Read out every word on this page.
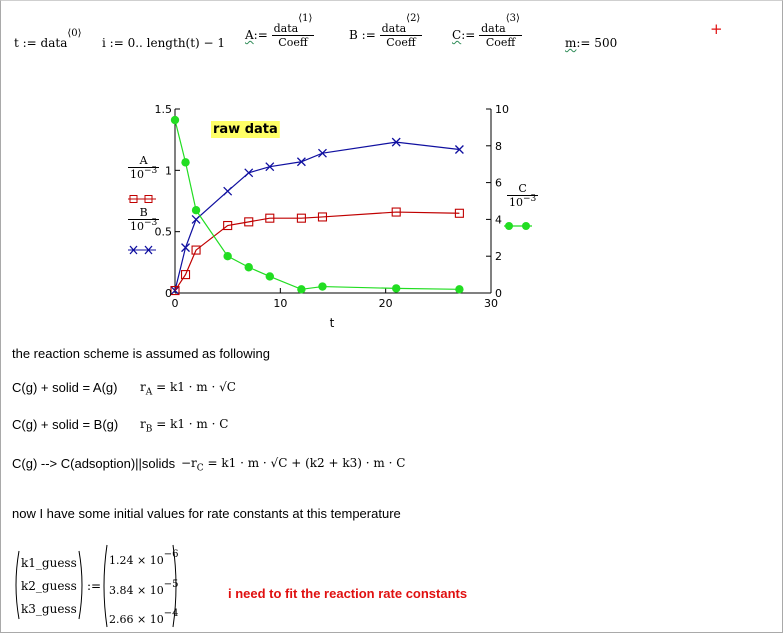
t := data$^{⟨0⟩}$
i := 0.. length(t) − 1
A:= $\frac{\text{data⟨1⟩}}{\text{Coeff}}$	B := $\frac{\text{data⟨2⟩}}{\text{Coeff}}$ C:= $\frac{\text{data⟨3⟩}}{\text{Coeff}}$	m:= 500
+
0
0.5
1
1.5
0
2
4
6
8
10
0	10	20	30
t
raw data
$\frac{A}{10^{-3}}$
$\frac{B}{10^{-3}}$
$\frac{C}{10^{-3}}$
the reaction scheme is assumed as following
C(g) + solid = A(g) $r_A = k1 \cdot m \cdot √C$
C(g) + solid = B(g) $r_B = k1 \cdot m \cdot C$
C(g) --> C(adsoption)||solids $-r_C = k1 \cdot m \cdot √C + (k2 + k3) \cdot m \cdot C$
now I have some initial values for rate constants at this temperature
k1_guess
k2_guess
k3_guess
:=
1.24 × 10−6
3.84 × 10−5
2.66 × 10−4
i need to fit the reaction rate constants
